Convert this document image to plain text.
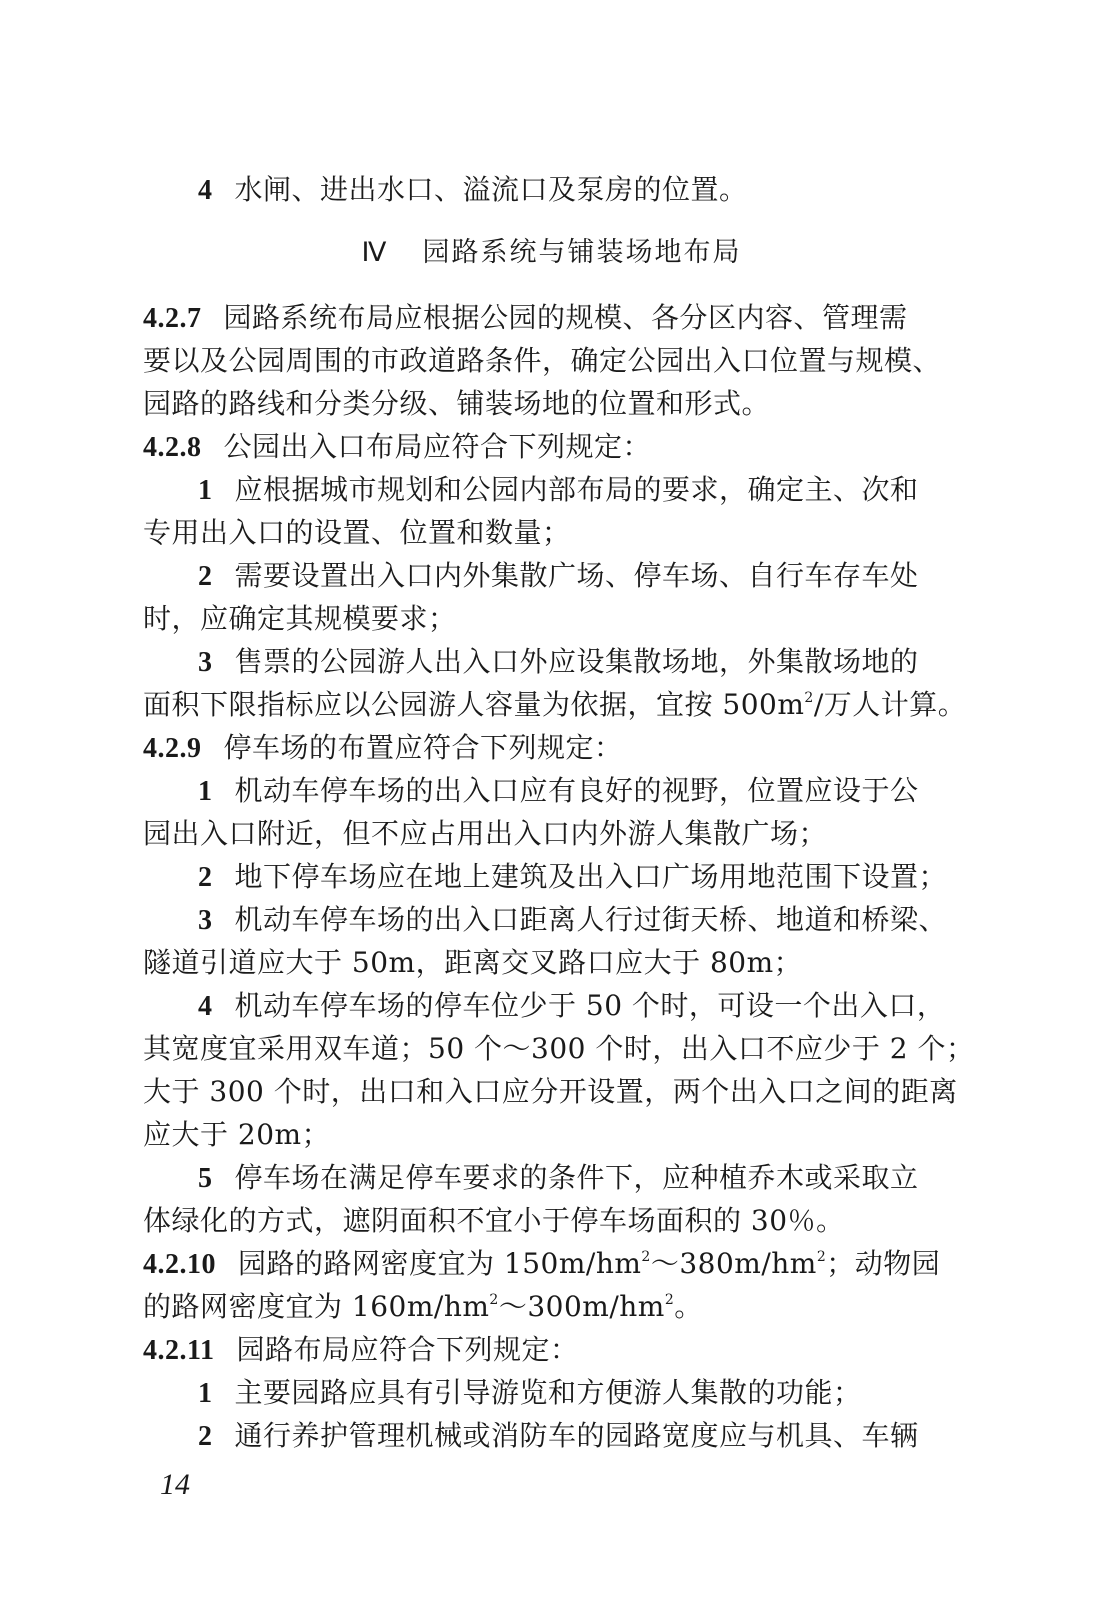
4 水闸、进出水口、溢流口及泵房的位置。
Ⅳ 园路系统与铺装场地布局
4.2.7 园路系统布局应根据公园的规模、各分区内容、管理需
要以及公园周围的市政道路条件，确定公园出入口位置与规模、
园路的路线和分类分级、铺装场地的位置和形式。
4.2.8 公园出入口布局应符合下列规定：
1 应根据城市规划和公园内部布局的要求，确定主、次和
专用出入口的设置、位置和数量；
2 需要设置出入口内外集散广场、停车场、自行车存车处
时，应确定其规模要求；
3 售票的公园游人出入口外应设集散场地，外集散场地的
面积下限指标应以公园游人容量为依据，宜按 $500m^2/$万人计算。
4.2.9 停车场的布置应符合下列规定：
1 机动车停车场的出入口应有良好的视野，位置应设于公
园出入口附近，但不应占用出入口内外游人集散广场；
2 地下停车场应在地上建筑及出入口广场用地范围下设置；
3 机动车停车场的出入口距离人行过街天桥、地道和桥梁、
隧道引道应大于 50m，距离交叉路口应大于 80m；
4 机动车停车场的停车位少于 50 个时，可设一个出入口，
其宽度宜采用双车道；50 个～300 个时，出入口不应少于 2 个；
大于 300 个时，出口和入口应分开设置，两个出入口之间的距离
应大于 20m；
5 停车场在满足停车要求的条件下，应种植乔木或采取立
体绿化的方式，遮阴面积不宜小于停车场面积的 30％。
4.2.10 园路的路网密度宜为 $150m/hm^2\sim 380m/hm^2$；动物园
的路网密度宜为 $160m/hm^2\sim 300m/hm^2$。
4.2.11 园路布局应符合下列规定：
1 主要园路应具有引导游览和方便游人集散的功能；
2 通行养护管理机械或消防车的园路宽度应与机具、车辆
14
